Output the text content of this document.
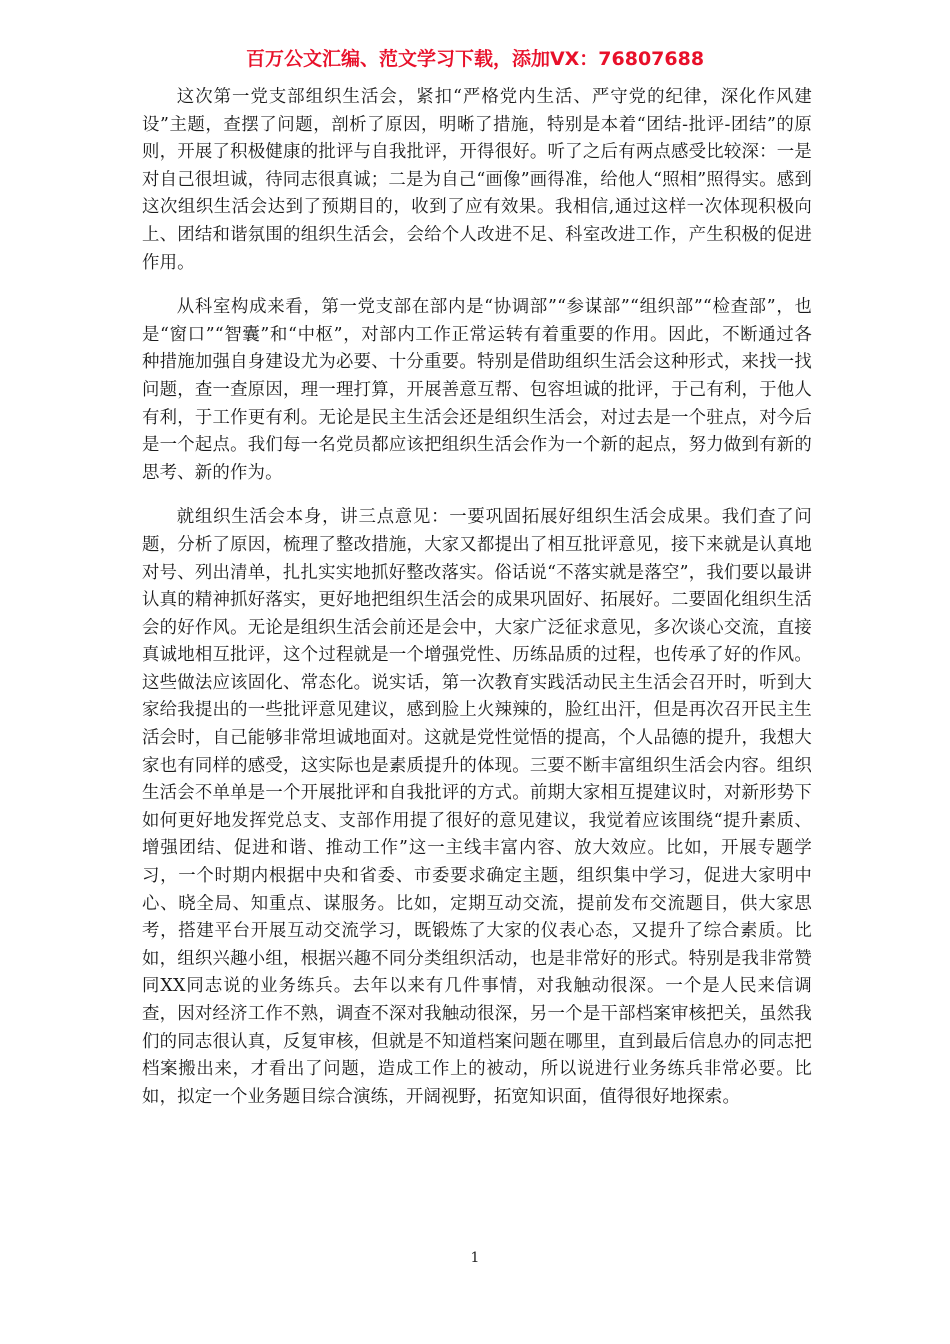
百万公文汇编、范文学习下载，添加VX：76807688

这次第一党支部组织生活会，紧扣“严格党内生活、严守党的纪律，深化作风建设”主题，查摆了问题，剖析了原因，明晰了措施，特别是本着“团结-批评-团结”的原则，开展了积极健康的批评与自我批评，开得很好。听了之后有两点感受比较深：一是对自己很坦诚，待同志很真诚；二是为自己“画像”画得准，给他人“照相”照得实。感到这次组织生活会达到了预期目的，收到了应有效果。我相信,通过这样一次体现积极向上、团结和谐氛围的组织生活会，会给个人改进不足、科室改进工作，产生积极的促进作用。

从科室构成来看，第一党支部在部内是“协调部”“参谋部”“组织部”“检查部”，也是“窗口”“智囊”和“中枢”，对部内工作正常运转有着重要的作用。因此，不断通过各种措施加强自身建设尤为必要、十分重要。特别是借助组织生活会这种形式，来找一找问题，查一查原因，理一理打算，开展善意互帮、包容坦诚的批评，于己有利，于他人有利，于工作更有利。无论是民主生活会还是组织生活会，对过去是一个驻点，对今后是一个起点。我们每一名党员都应该把组织生活会作为一个新的起点，努力做到有新的思考、新的作为。

就组织生活会本身，讲三点意见：一要巩固拓展好组织生活会成果。我们查了问题，分析了原因，梳理了整改措施，大家又都提出了相互批评意见，接下来就是认真地对号、列出清单，扎扎实实地抓好整改落实。俗话说“不落实就是落空”，我们要以最讲认真的精神抓好落实，更好地把组织生活会的成果巩固好、拓展好。二要固化组织生活会的好作风。无论是组织生活会前还是会中，大家广泛征求意见，多次谈心交流，直接真诚地相互批评，这个过程就是一个增强党性、历练品质的过程，也传承了好的作风。这些做法应该固化、常态化。说实话，第一次教育实践活动民主生活会召开时，听到大家给我提出的一些批评意见建议，感到脸上火辣辣的，脸红出汗，但是再次召开民主生活会时，自己能够非常坦诚地面对。这就是党性觉悟的提高，个人品德的提升，我想大家也有同样的感受，这实际也是素质提升的体现。三要不断丰富组织生活会内容。组织生活会不单单是一个开展批评和自我批评的方式。前期大家相互提建议时，对新形势下如何更好地发挥党总支、支部作用提了很好的意见建议，我觉着应该围绕“提升素质、增强团结、促进和谐、推动工作”这一主线丰富内容、放大效应。比如，开展专题学习，一个时期内根据中央和省委、市委要求确定主题，组织集中学习，促进大家明中心、晓全局、知重点、谋服务。比如，定期互动交流，提前发布交流题目，供大家思考，搭建平台开展互动交流学习，既锻炼了大家的仪表心态，又提升了综合素质。比如，组织兴趣小组，根据兴趣不同分类组织活动，也是非常好的形式。特别是我非常赞同XX同志说的业务练兵。去年以来有几件事情，对我触动很深。一个是人民来信调查，因对经济工作不熟，调查不深对我触动很深，另一个是干部档案审核把关，虽然我们的同志很认真，反复审核，但就是不知道档案问题在哪里，直到最后信息办的同志把档案搬出来，才看出了问题，造成工作上的被动，所以说进行业务练兵非常必要。比如，拟定一个业务题目综合演练，开阔视野，拓宽知识面，值得很好地探索。

1
